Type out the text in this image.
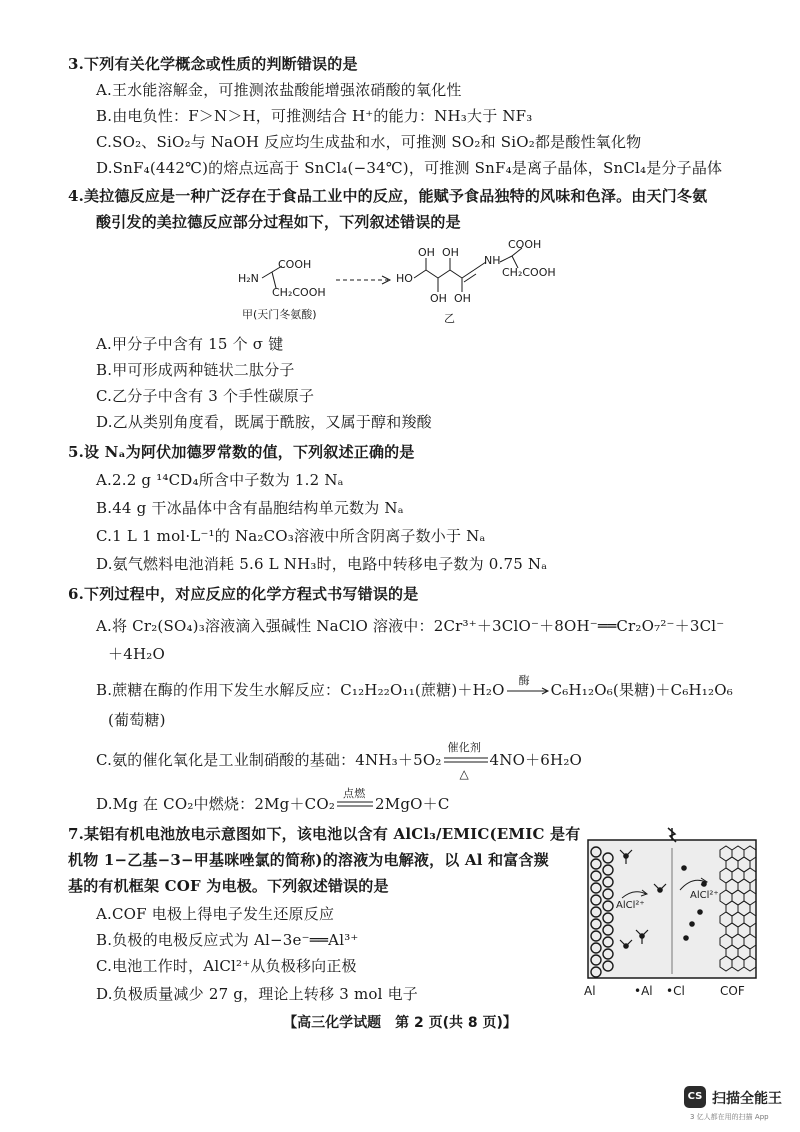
3.下列有关化学概念或性质的判断错误的是
A.王水能溶解金，可推测浓盐酸能增强浓硝酸的氧化性
B.由电负性：F＞N＞H，可推测结合 H⁺的能力：NH₃大于 NF₃
C.SO₂、SiO₂与 NaOH 反应均生成盐和水，可推测 SO₂和 SiO₂都是酸性氧化物
D.SnF₄(442℃)的熔点远高于 SnCl₄(−34℃)，可推测 SnF₄是离子晶体，SnCl₄是分子晶体
4.美拉德反应是一种广泛存在于食品工业中的反应，能赋予食品独特的风味和色泽。由天门冬氨
酸引发的美拉德反应部分过程如下，下列叙述错误的是
COOH
H₂N
CH₂COOH
甲(天门冬氨酸)
HO
OH OH
OH OH
NH
COOH
CH₂COOH
乙
A.甲分子中含有 15 个 σ 键
B.甲可形成两种链状二肽分子
C.乙分子中含有 3 个手性碳原子
D.乙从类别角度看，既属于酰胺，又属于醇和羧酸
5.设 Nₐ为阿伏加德罗常数的值，下列叙述正确的是
A.2.2 g ¹⁴CD₄所含中子数为 1.2 Nₐ
B.44 g 干冰晶体中含有晶胞结构单元数为 Nₐ
C.1 L 1 mol·L⁻¹的 Na₂CO₃溶液中所含阴离子数小于 Nₐ
D.氨气燃料电池消耗 5.6 L NH₃时，电路中转移电子数为 0.75 Nₐ
6.下列过程中，对应反应的化学方程式书写错误的是
A.将 Cr₂(SO₄)₃溶液滴入强碱性 NaClO 溶液中：2Cr³⁺＋3ClO⁻＋8OH⁻══Cr₂O₇²⁻＋3Cl⁻
＋4H₂O
B.蔗糖在酶的作用下发生水解反应：C₁₂H₂₂O₁₁(蔗糖)＋H₂O
酶
C₆H₁₂O₆(果糖)＋C₆H₁₂O₆
(葡萄糖)
C.氨的催化氧化是工业制硝酸的基础：4NH₃＋5O₂
催化剂
△
4NO＋6H₂O
D.Mg 在 CO₂中燃烧：2Mg＋CO₂
点燃
2MgO＋C
7.某铝有机电池放电示意图如下，该电池以含有 AlCl₃/EMIC(EMIC 是有
机物 1−乙基−3−甲基咪唑氯的简称)的溶液为电解液，以 Al 和富含羰
基的有机框架 COF 为电极。下列叙述错误的是
A.COF 电极上得电子发生还原反应
B.负极的电极反应式为 Al−3e⁻══Al³⁺
C.电池工作时，AlCl²⁺从负极移向正极
D.负极质量减少 27 g，理论上转移 3 mol 电子
AlCl²⁺
AlCl²⁺
Al	•Al •Cl	COF
【高三化学试题　第 2 页(共 8 页)】
CS 扫描全能王
3 亿人都在用的扫描 App
